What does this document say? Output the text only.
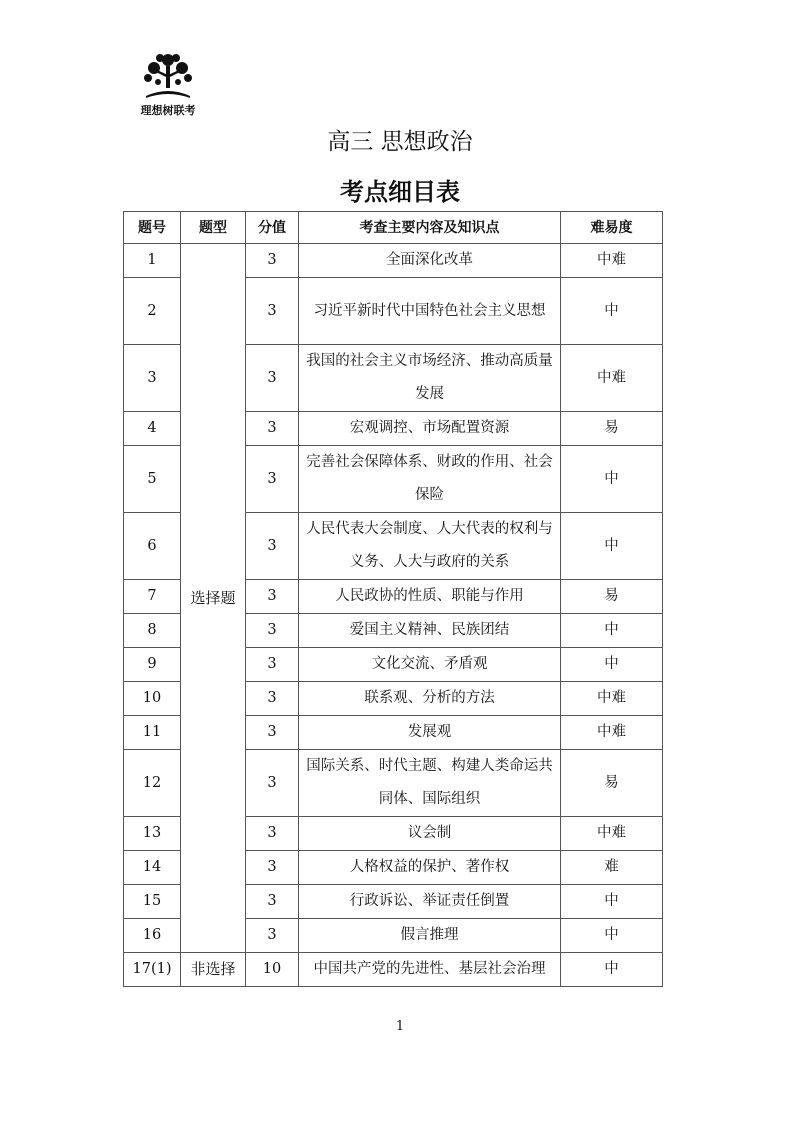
理想树联考
高三 思想政治
考点细目表
题号	题型	分值	考查主要内容及知识点	难易度
1	选择题	3	全面深化改革	中难
2		3	习近平新时代中国特色社会主义思想	中
3		3	我国的社会主义市场经济、推动高质量发展	中难
4		3	宏观调控、市场配置资源	易
5		3	完善社会保障体系、财政的作用、社会保险	中
6		3	人民代表大会制度、人大代表的权利与义务、人大与政府的关系	中
7		3	人民政协的性质、职能与作用	易
8		3	爱国主义精神、民族团结	中
9		3	文化交流、矛盾观	中
10		3	联系观、分析的方法	中难
11		3	发展观	中难
12		3	国际关系、时代主题、构建人类命运共同体、国际组织	易
13		3	议会制	中难
14		3	人格权益的保护、著作权	难
15		3	行政诉讼、举证责任倒置	中
16		3	假言推理	中
17(1)	非选择	10	中国共产党的先进性、基层社会治理	中
1
